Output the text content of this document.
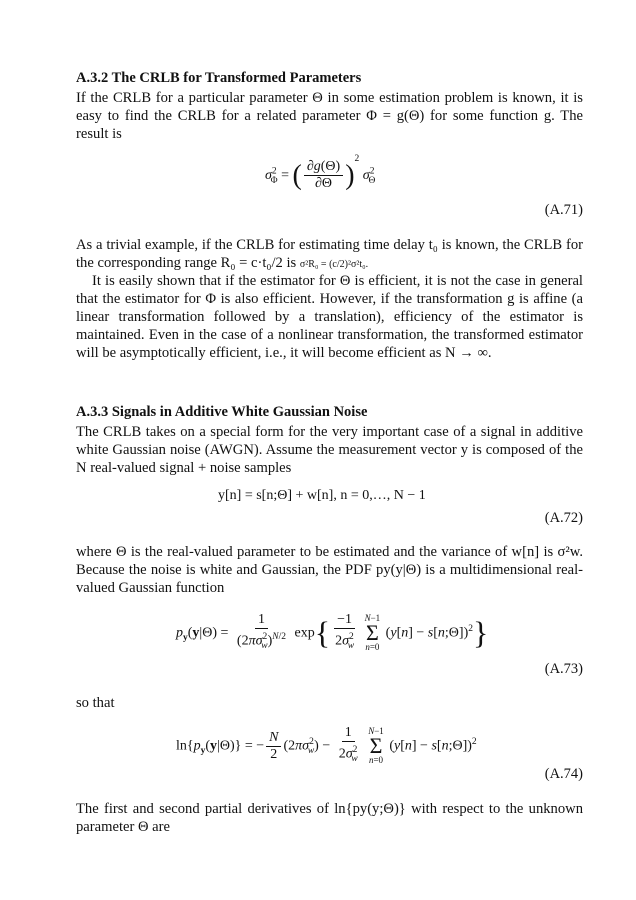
A.3.2 The CRLB for Transformed Parameters
If the CRLB for a particular parameter Θ in some estimation problem is known, it is easy to find the CRLB for a related parameter Φ = g(Θ) for some function g. The result is
$\sigma^2_\Phi$ = ( $\frac{\partial g(\Theta)}{\partial\Theta} )^2$ $\sigma^2_\Theta$
(A.71)
As a trivial example, if the CRLB for estimating time delay t₀ is known, the CRLB for the corresponding range R₀ = c·t₀/2 is σ²R₀ = (c/2)²σ²t₀.
It is easily shown that if the estimator for Θ is efficient, it is not the case in general that the estimator for Φ is also efficient. However, if the transformation g is affine (a linear transformation followed by a translation), efficiency of the estimator is maintained. Even in the case of a nonlinear transformation, the transformed estimator will be asymptotically efficient, i.e., it will become efficient as N → ∞.
A.3.3 Signals in Additive White Gaussian Noise
The CRLB takes on a special form for the very important case of a signal in additive white Gaussian noise (AWGN). Assume the measurement vector y is composed of the N real-valued signal + noise samples
y[n] = s[n;Θ] + w[n], n = 0,…, N − 1
(A.72)
where Θ is the real-valued parameter to be estimated and the variance of w[n] is σ²w. Because the noise is white and Gaussian, the PDF py(y|Θ) is a multidimensional real-valued Gaussian function
$p_y(y|\Theta) = \frac{1}{(2\pi\sigma^2_w)^{N/2}} \exp\{ \frac{-1}{2\sigma^2_w}$
N−1
Σ
n=0
(y[n] − s[n;Θ])$^2$}
(A.73)
so that
$\ln\{p_y(y|\Theta)\}$ = − $\frac{N}{2} (2\pi\sigma^2_w) - \frac{1}{2\sigma^2_w}$
N−1
Σ
n=0
(y[n] − s[n;Θ])$^2$
(A.74)
The first and second partial derivatives of ln{py(y;Θ)} with respect to the unknown parameter Θ are
